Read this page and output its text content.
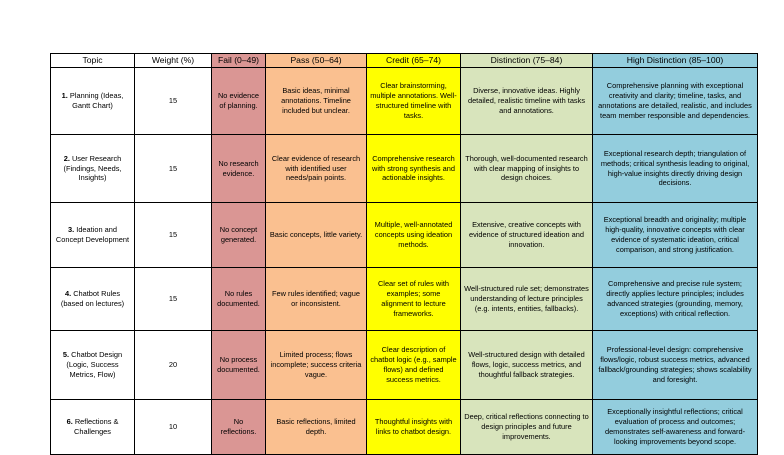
Topic	Weight (%)	Fail (0–49)	Pass (50–64)	Credit (65–74)	Distinction (75–84)	High Distinction (85–100)
1. Planning (Ideas, Gantt Chart)	15	No evidence of planning.	Basic ideas, minimal annotations. Timeline included but unclear.	Clear brainstorming, multiple annotations. Well-structured timeline with tasks.	Diverse, innovative ideas. Highly detailed, realistic timeline with tasks and annotations.	Comprehensive planning with exceptional creativity and clarity; timeline, tasks, and annotations are detailed, realistic, and includes team member responsible and dependencies.
2. User Research (Findings, Needs, Insights)	15	No research evidence.	Clear evidence of research with identified user needs/pain points.	Comprehensive research with strong synthesis and actionable insights.	Thorough, well-documented research with clear mapping of insights to design choices.	Exceptional research depth; triangulation of methods; critical synthesis leading to original, high-value insights directly driving design decisions.
3. Ideation and Concept Development	15	No concept generated.	Basic concepts, little variety.	Multiple, well-annotated concepts using ideation methods.	Extensive, creative concepts with evidence of structured ideation and innovation.	Exceptional breadth and originality; multiple high-quality, innovative concepts with clear evidence of systematic ideation, critical comparison, and strong justification.
4. Chatbot Rules (based on lectures)	15	No rules documented.	Few rules identified; vague or inconsistent.	Clear set of rules with examples; some alignment to lecture frameworks.	Well-structured rule set; demonstrates understanding of lecture principles (e.g. intents, entities, fallbacks).	Comprehensive and precise rule system; directly applies lecture principles; includes advanced strategies (grounding, memory, exceptions) with critical reflection.
5. Chatbot Design (Logic, Success Metrics, Flow)	20	No process documented.	Limited process; flows incomplete; success criteria vague.	Clear description of chatbot logic (e.g., sample flows) and defined success metrics.	Well-structured design with detailed flows, logic, success metrics, and thoughtful fallback strategies.	Professional-level design: comprehensive flows/logic, robust success metrics, advanced fallback/grounding strategies; shows scalability and foresight.
6. Reflections & Challenges	10	No reflections.	Basic reflections, limited depth.	Thoughtful insights with links to chatbot design.	Deep, critical reflections connecting to design principles and future improvements.	Exceptionally insightful reflections; critical evaluation of process and outcomes; demonstrates self-awareness and forward-looking improvements beyond scope.
